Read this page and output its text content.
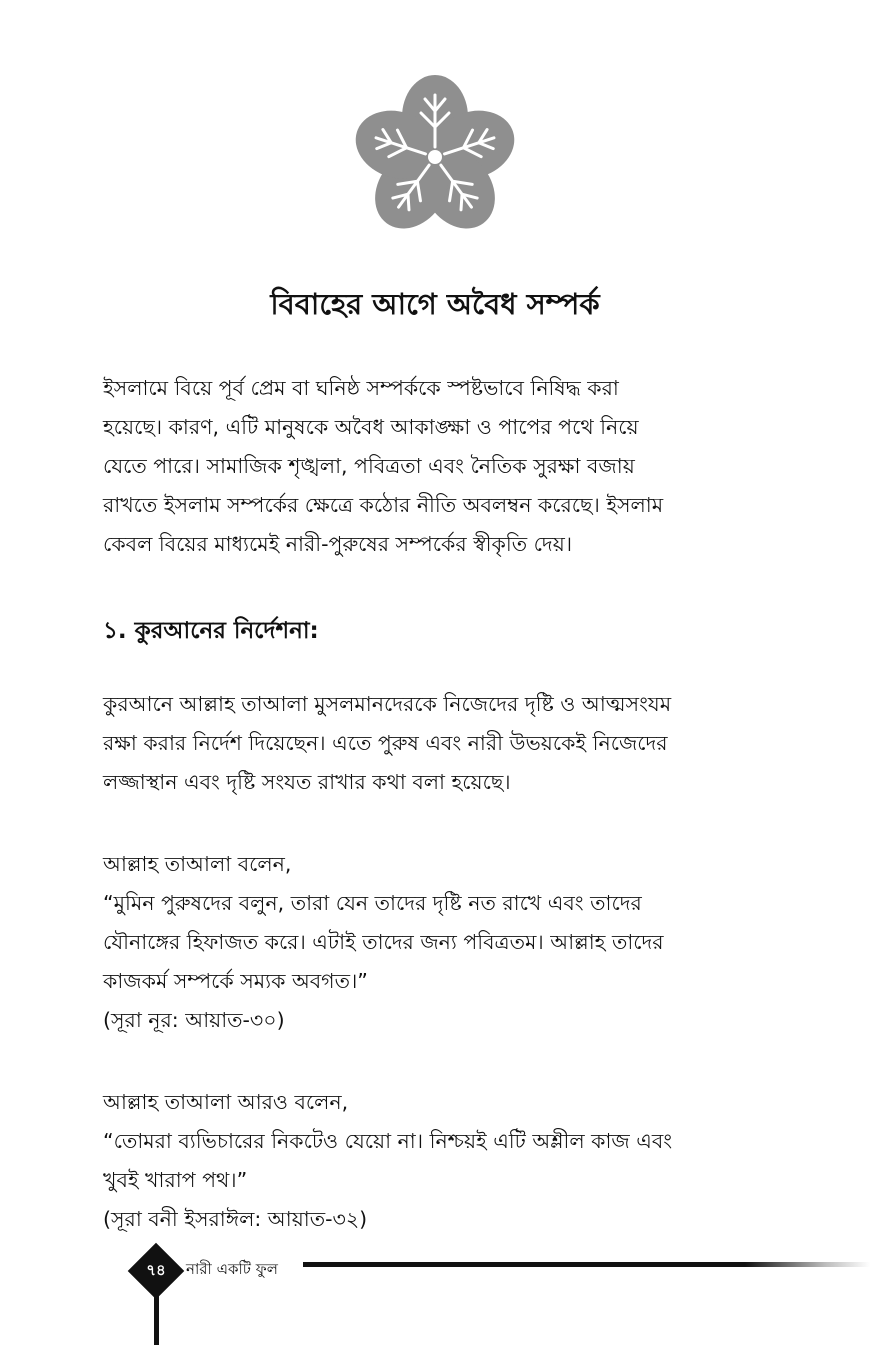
বিবাহের আগে অবৈধ সম্পর্ক
ইসলামে বিয়ে পূর্ব প্রেম বা ঘনিষ্ঠ সম্পর্ককে স্পষ্টভাবে নিষিদ্ধ করা
হয়েছে। কারণ, এটি মানুষকে অবৈধ আকাঙ্ক্ষা ও পাপের পথে নিয়ে
যেতে পারে। সামাজিক শৃঙ্খলা, পবিত্রতা এবং নৈতিক সুরক্ষা বজায়
রাখতে ইসলাম সম্পর্কের ক্ষেত্রে কঠোর নীতি অবলম্বন করেছে। ইসলাম
কেবল বিয়ের মাধ্যমেই নারী-পুরুষের সম্পর্কের স্বীকৃতি দেয়।
১. কুরআনের নির্দেশনা:
কুরআনে আল্লাহ তাআলা মুসলমানদেরকে নিজেদের দৃষ্টি ও আত্মসংযম
রক্ষা করার নির্দেশ দিয়েছেন। এতে পুরুষ এবং নারী উভয়কেই নিজেদের
লজ্জাস্থান এবং দৃষ্টি সংযত রাখার কথা বলা হয়েছে।
আল্লাহ তাআলা বলেন,
“মুমিন পুরুষদের বলুন, তারা যেন তাদের দৃষ্টি নত রাখে এবং তাদের
যৌনাঙ্গের হিফাজত করে। এটাই তাদের জন্য পবিত্রতম। আল্লাহ তাদের
কাজকর্ম সম্পর্কে সম্যক অবগত।”
(সূরা নূর: আয়াত-৩০)
আল্লাহ তাআলা আরও বলেন,
“তোমরা ব্যভিচারের নিকটেও যেয়ো না। নিশ্চয়ই এটি অশ্লীল কাজ এবং
খুবই খারাপ পথ।”
(সূরা বনী ইসরাঈল: আয়াত-৩২)
৭৪	নারী একটি ফুল
